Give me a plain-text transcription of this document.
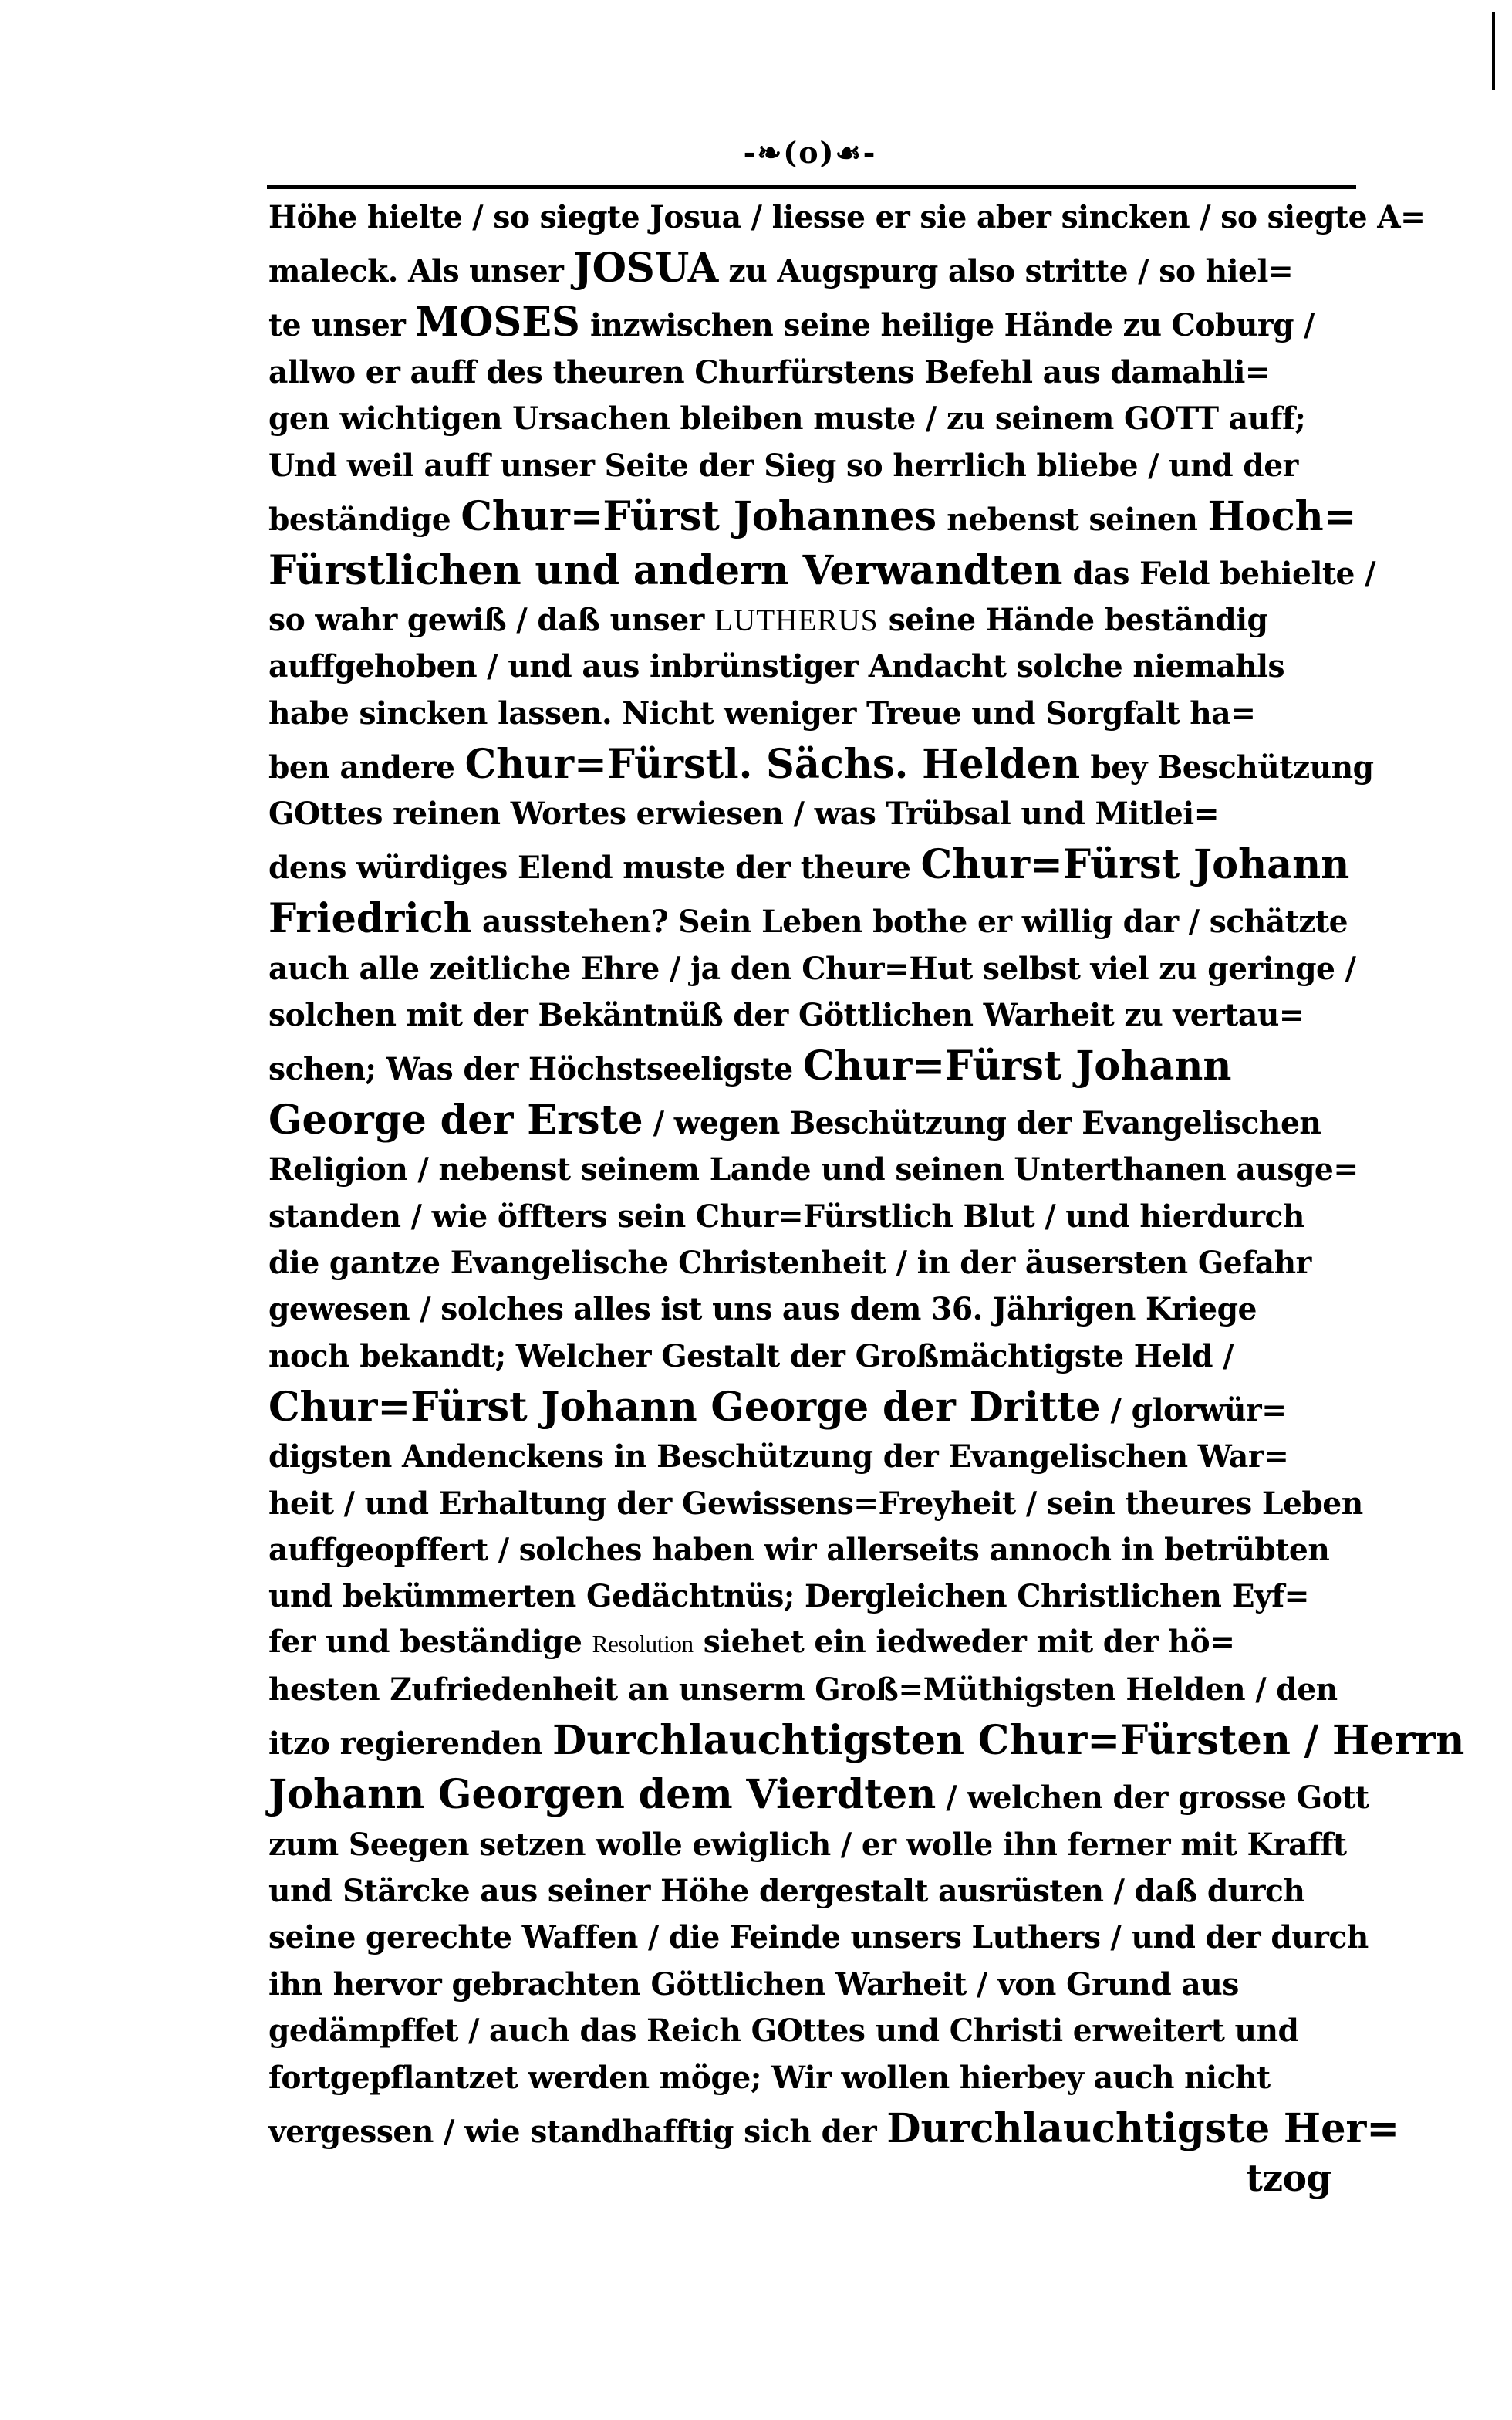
-❧(o)☙-
Höhe hielte / so siegte Josua / liesse er sie aber sincken / so siegte A=
maleck. Als unser JOSUA zu Augspurg also stritte / so hiel=
te unser MOSES inzwischen seine heilige Hände zu Coburg /
allwo er auff des theuren Churfürstens Befehl aus damahli=
gen wichtigen Ursachen bleiben muste / zu seinem GOTT auff;
Und weil auff unser Seite der Sieg so herrlich bliebe / und der
beständige Chur=Fürst Johannes nebenst seinen Hoch=
Fürstlichen und andern Verwandten das Feld behielte /
so wahr gewiß / daß unser LUTHERUS seine Hände beständig
auffgehoben / und aus inbrünstiger Andacht solche niemahls
habe sincken lassen. Nicht weniger Treue und Sorgfalt ha=
ben andere Chur=Fürstl. Sächs. Helden bey Beschützung
GOttes reinen Wortes erwiesen / was Trübsal und Mitlei=
dens würdiges Elend muste der theure Chur=Fürst Johann
Friedrich ausstehen? Sein Leben bothe er willig dar / schätzte
auch alle zeitliche Ehre / ja den Chur=Hut selbst viel zu geringe /
solchen mit der Bekäntnüß der Göttlichen Warheit zu vertau=
schen; Was der Höchstseeligste Chur=Fürst Johann
George der Erste / wegen Beschützung der Evangelischen
Religion / nebenst seinem Lande und seinen Unterthanen ausge=
standen / wie öffters sein Chur=Fürstlich Blut / und hierdurch
die gantze Evangelische Christenheit / in der äusersten Gefahr
gewesen / solches alles ist uns aus dem 36. Jährigen Kriege
noch bekandt; Welcher Gestalt der Großmächtigste Held /
Chur=Fürst Johann George der Dritte / glorwür=
digsten Andenckens in Beschützung der Evangelischen War=
heit / und Erhaltung der Gewissens=Freyheit / sein theures Leben
auffgeopffert / solches haben wir allerseits annoch in betrübten
und bekümmerten Gedächtnüs; Dergleichen Christlichen Eyf=
fer und beständige Resolution siehet ein iedweder mit der hö=
hesten Zufriedenheit an unserm Groß=Müthigsten Helden / den
itzo regierenden Durchlauchtigsten Chur=Fürsten / Herrn
Johann Georgen dem Vierdten / welchen der grosse Gott
zum Seegen setzen wolle ewiglich / er wolle ihn ferner mit Krafft
und Stärcke aus seiner Höhe dergestalt ausrüsten / daß durch
seine gerechte Waffen / die Feinde unsers Luthers / und der durch
ihn hervor gebrachten Göttlichen Warheit / von Grund aus
gedämpffet / auch das Reich GOttes und Christi erweitert und
fortgepflantzet werden möge; Wir wollen hierbey auch nicht
vergessen / wie standhafftig sich der Durchlauchtigste Her=
tzog
